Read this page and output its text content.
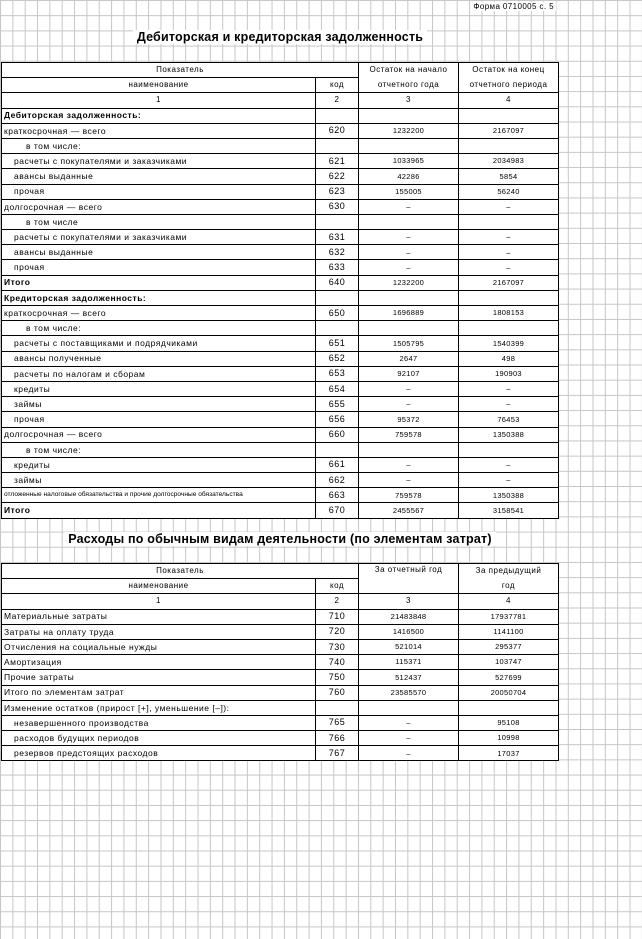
Форма 0710005 с. 5
Дебиторская и кредиторская задолженность
Показатель		Остаток на начало	Остаток на конец
наименование	код	отчетного года	отчетного периода
1	2	3	4
Дебиторская задолженность:			
краткосрочная — всего	620	1232200	2167097
в том числе:			
расчеты с покупателями и заказчиками	621	1033965	2034983
авансы выданные	622	42286	5854
прочая	623	155005	56240
долгосрочная — всего	630	–	–
в том числе			
расчеты с покупателями и заказчиками	631	–	–
авансы выданные	632	–	–
прочая	633	–	–
Итого	640	1232200	2167097
Кредиторская задолженность:			
краткосрочная — всего	650	1696889	1808153
в том числе:			
расчеты с поставщиками и подрядчиками	651	1505795	1540399
авансы полученные	652	2647	498
расчеты по налогам и сборам	653	92107	190903
кредиты	654	–	–
займы	655	–	–
прочая	656	95372	76453
долгосрочная — всего	660	759578	1350388
в том числе:			
кредиты	661	–	–
займы	662	–	–
отложенные налоговые обязательства и прочие долгосрочные обязательства	663	759578	1350388
Итого	670	2455567	3158541
Расходы по обычным видам деятельности (по элементам затрат)
Показатель		За отчетный год	За предыдущий
наименование	код		год
1	2	3	4
Материальные затраты	710	21483848	17937781
Затраты на оплату труда	720	1416500	1141100
Отчисления на социальные нужды	730	521014	295377
Амортизация	740	115371	103747
Прочие затраты	750	512437	527699
Итого по элементам затрат	760	23585570	20050704
Изменение остатков (прирост [+], уменьшение [–]):			
незавершенного производства	765	–	95108
расходов будущих периодов	766	–	10998
резервов предстоящих расходов	767	–	17037
